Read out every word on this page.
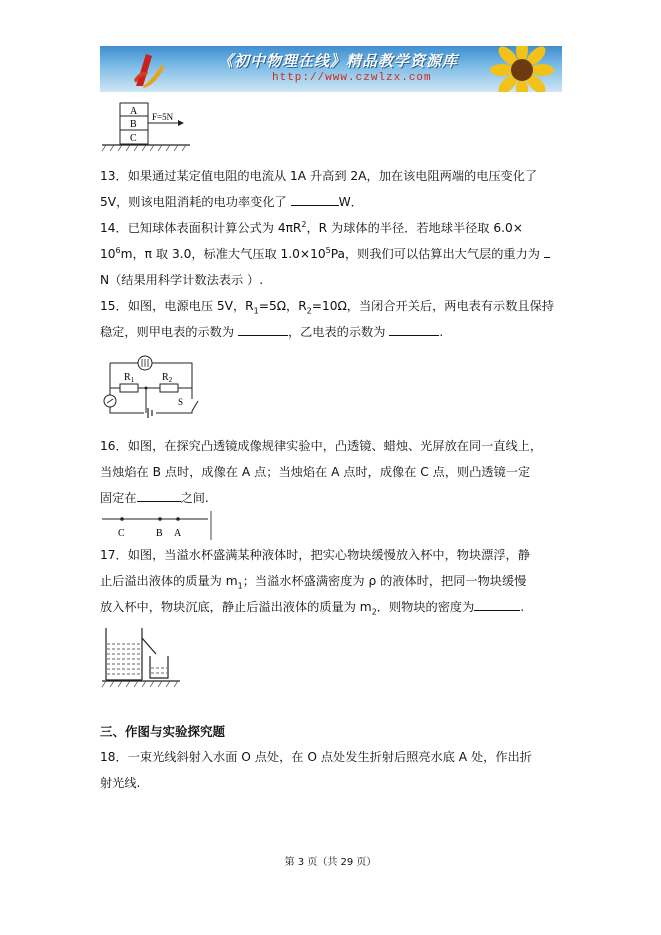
《初中物理在线》精品教学资源库
http://www.czwlzx.com
A
B
C
F=5N
13．如果通过某定值电阻的电流从 1A 升高到 2A，加在该电阻两端的电压变化了
5V，则该电阻消耗的电功率变化了	W．
14．已知球体表面积计算公式为 $4\pi R^2$，R 为球体的半径．若地球半径取 6.0×
$10^6m$，π 取 3.0，标准大气压取 $1.0\times 10^5Pa$，则我们可以估算出大气层的重力为
N（结果用科学计数法表示 ）.
15．如图，电源电压 5V，$R_1=5\Omega$，$R_2=10\Omega$，当闭合开关后，两电表有示数且保持
稳定，则甲电表的示数为	，乙电表的示数为	.
$R_1$	$R_2$
S
16．如图，在探究凸透镜成像规律实验中，凸透镜、蜡烛、光屏放在同一直线上，
当烛焰在 B 点时，成像在 A 点；当烛焰在 A 点时，成像在 C 点，则凸透镜一定
固定在	之间.
C	B A
17．如图，当溢水杯盛满某种液体时，把实心物块缓慢放入杯中，物块漂浮，静
止后溢出液体的质量为 $m_1$；当溢水杯盛满密度为 ρ 的液体时，把同一物块缓慢
放入杯中，物块沉底，静止后溢出液体的质量为 $m_2$．则物块的密度为	.
三、作图与实验探究题
18．一束光线斜射入水面 O 点处，在 O 点处发生折射后照亮水底 A 处，作出折
射光线.
第 3 页（共 29 页）
